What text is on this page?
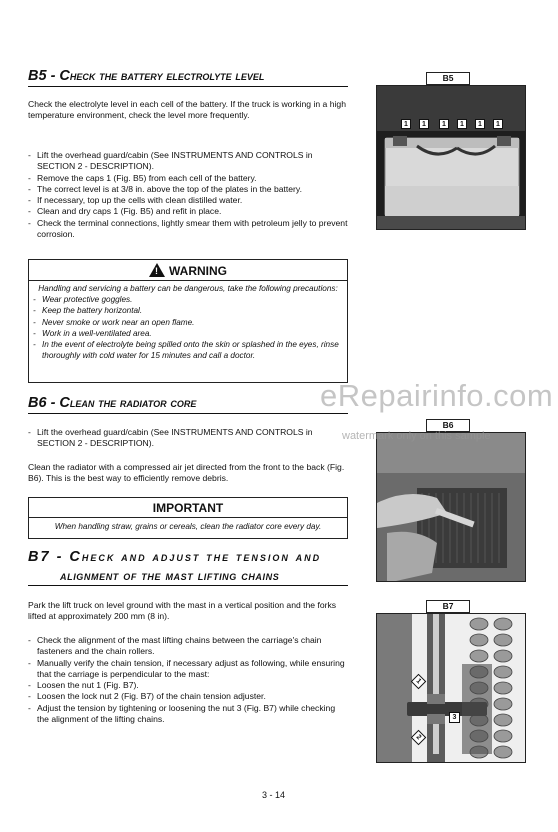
B5 - Check the battery electrolyte level
Check the electrolyte level in each cell of the battery. If the truck is working in a high temperature environment, check the level more frequently.
- Lift the overhead guard/cabin (See INSTRUMENTS AND CONTROLS in SECTION 2 - DESCRIPTION).
- Remove the caps 1 (Fig. B5) from each cell of the battery.
- The correct level is at 3/8 in. above the top of the plates in the battery.
- If necessary, top up the cells with clean distilled water.
- Clean and dry caps 1 (Fig. B5) and refit in place.
- Check the terminal connections, lightly smear them with petroleum jelly to prevent corrosion.
B5
1	1	1	1	1	1
!WARNING
Handling and servicing a battery can be dangerous, take the following precautions:
- Wear protective goggles.
- Keep the battery horizontal.
- Never smoke or work near an open flame.
- Work in a well-ventilated area.
- In the event of electrolyte being spilled onto the skin or splashed in the eyes, rinse thoroughly with cold water for 15 minutes and call a doctor.
B6 - Clean the radiator core
- Lift the overhead guard/cabin (See INSTRUMENTS AND CONTROLS in SECTION 2 - DESCRIPTION).
Clean the radiator with a compressed air jet directed from the front to the back (Fig. B6). This is the best way to efficiently remove debris.
IMPORTANT
When handling straw, grains or cereals, clean the radiator core every day.
B6
eRepairinfo.com
watermark only on this sample
B7 - Check and adjust the tension and
alignment of the mast lifting chains
Park the lift truck on level ground with the mast in a vertical position and the forks lifted at approximately 200 mm (8 in).
- Check the alignment of the mast lifting chains between the carriage's chain fasteners and the chain rollers.
- Manually verify the chain tension, if necessary adjust as following, while ensuring that the carriage is perpendicular to the mast:
- Loosen the nut 1 (Fig. B7).
- Loosen the lock nut 2 (Fig. B7) of the chain tension adjuster.
- Adjust the tension by tightening or loosening the nut 3 (Fig. B7) while checking the alignment of the lifting chains.
B7
1
3
2
3 - 14
